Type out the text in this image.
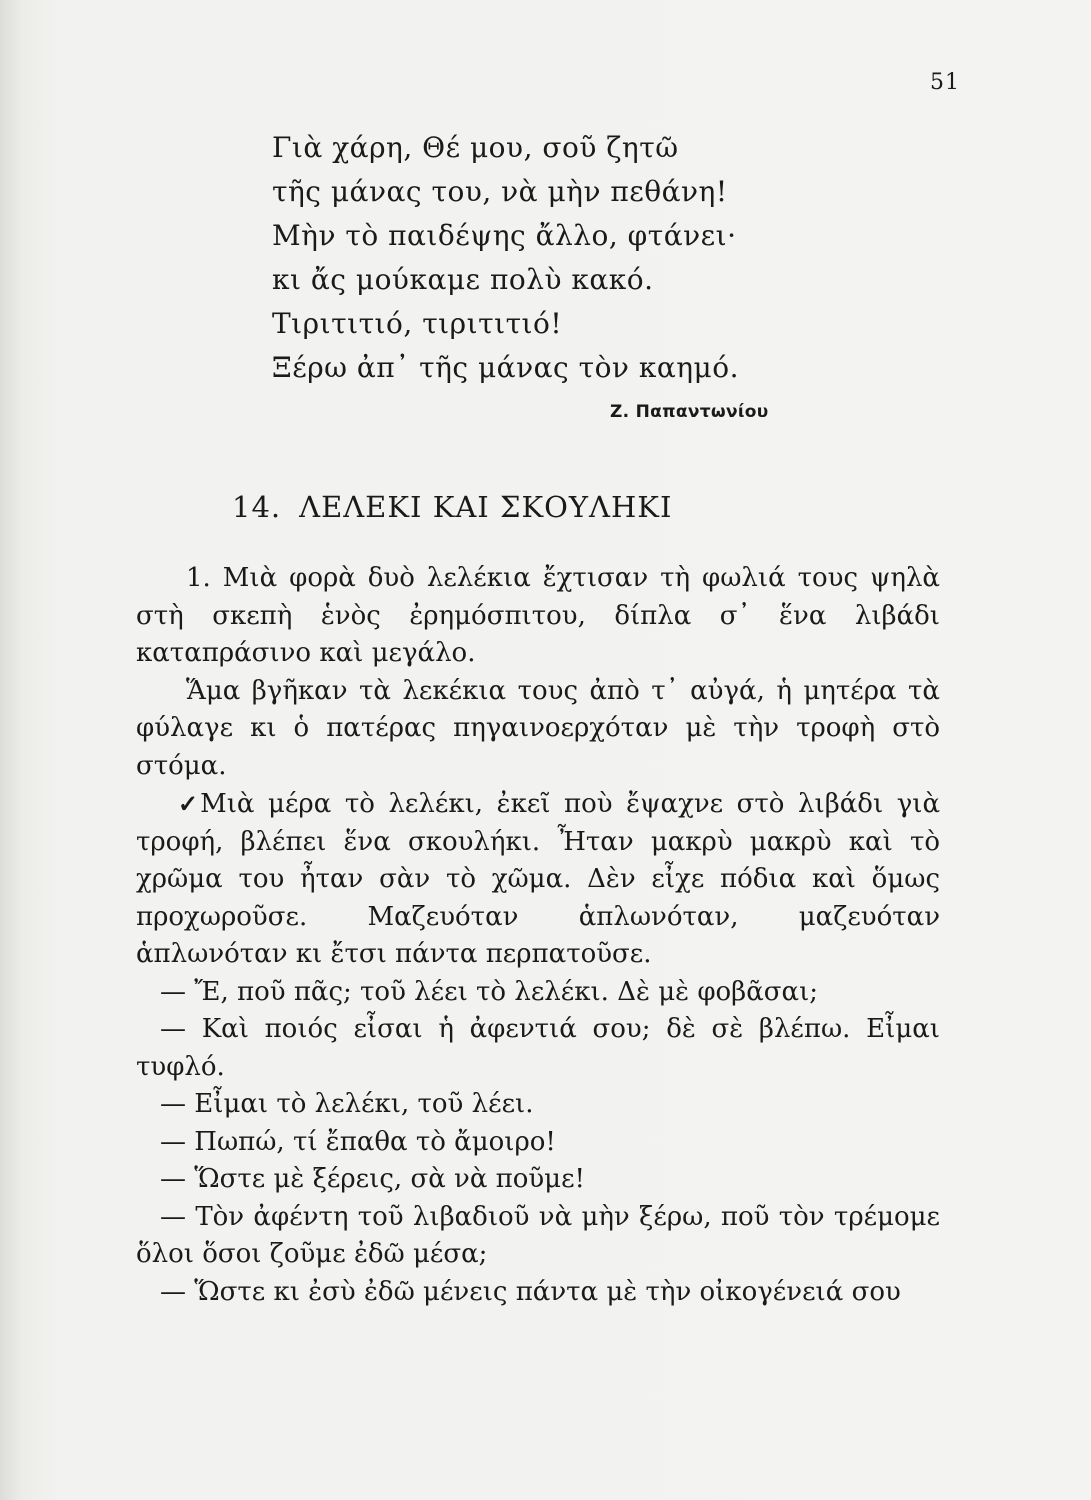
51
Γιὰ χάρη, Θέ μου, σοῦ ζητῶ
τῆς μάνας του, νὰ μὴν πεθάνη!
Μὴν τὸ παιδέψης ἄλλο, φτάνει·
κι ἄς μούκαμε πολὺ κακό.
Τιριτιτιό, τιριτιτιό!
Ξέρω ἀπ᾿ τῆς μάνας τὸν καημό.
Ζ. Παπαντωνίου
14. ΛΕΛΕΚΙ ΚΑΙ ΣΚΟΥΛΗΚΙ

1. Μιὰ φορὰ δυὸ λελέκια ἔχτισαν τὴ φωλιά τους ψηλὰ στὴ σκεπὴ ἑνὸς ἐρημόσπιτου, δίπλα σ᾿ ἕνα λιβάδι καταπράσινο καὶ μεγάλο.

Ἅμα βγῆκαν τὰ λεκέκια τους ἀπὸ τ᾿ αὐγά, ἡ μητέρα τὰ φύλαγε κι ὁ πατέρας πηγαινοερχόταν μὲ τὴν τροφὴ στὸ στόμα.

✓Μιὰ μέρα τὸ λελέκι, ἐκεῖ ποὺ ἔψαχνε στὸ λιβάδι γιὰ τροφή, βλέπει ἕνα σκουλήκι. Ἦταν μακρὺ μακρὺ καὶ τὸ χρῶμα του ἦταν σὰν τὸ χῶμα. Δὲν εἶχε πόδια καὶ ὅμως προχωροῦσε. Μαζευόταν ἁπλωνόταν, μαζευόταν ἁπλωνόταν κι ἔτσι πάντα περπατοῦσε.

— Ἔ, ποῦ πᾶς; τοῦ λέει τὸ λελέκι. Δὲ μὲ φοβᾶσαι;

— Καὶ ποιός εἶσαι ἡ ἀφεντιά σου; δὲ σὲ βλέπω. Εἶμαι τυφλό.

— Εἶμαι τὸ λελέκι, τοῦ λέει.

— Πωπώ, τί ἔπαθα τὸ ἄμοιρο!

— Ὥστε μὲ ξέρεις, σὰ νὰ ποῦμε!

— Τὸν ἀφέντη τοῦ λιβαδιοῦ νὰ μὴν ξέρω, ποῦ τὸν τρέμομε ὅλοι ὅσοι ζοῦμε ἐδῶ μέσα;

— Ὥστε κι ἐσὺ ἐδῶ μένεις πάντα μὲ τὴν οἰκογένειά σου
